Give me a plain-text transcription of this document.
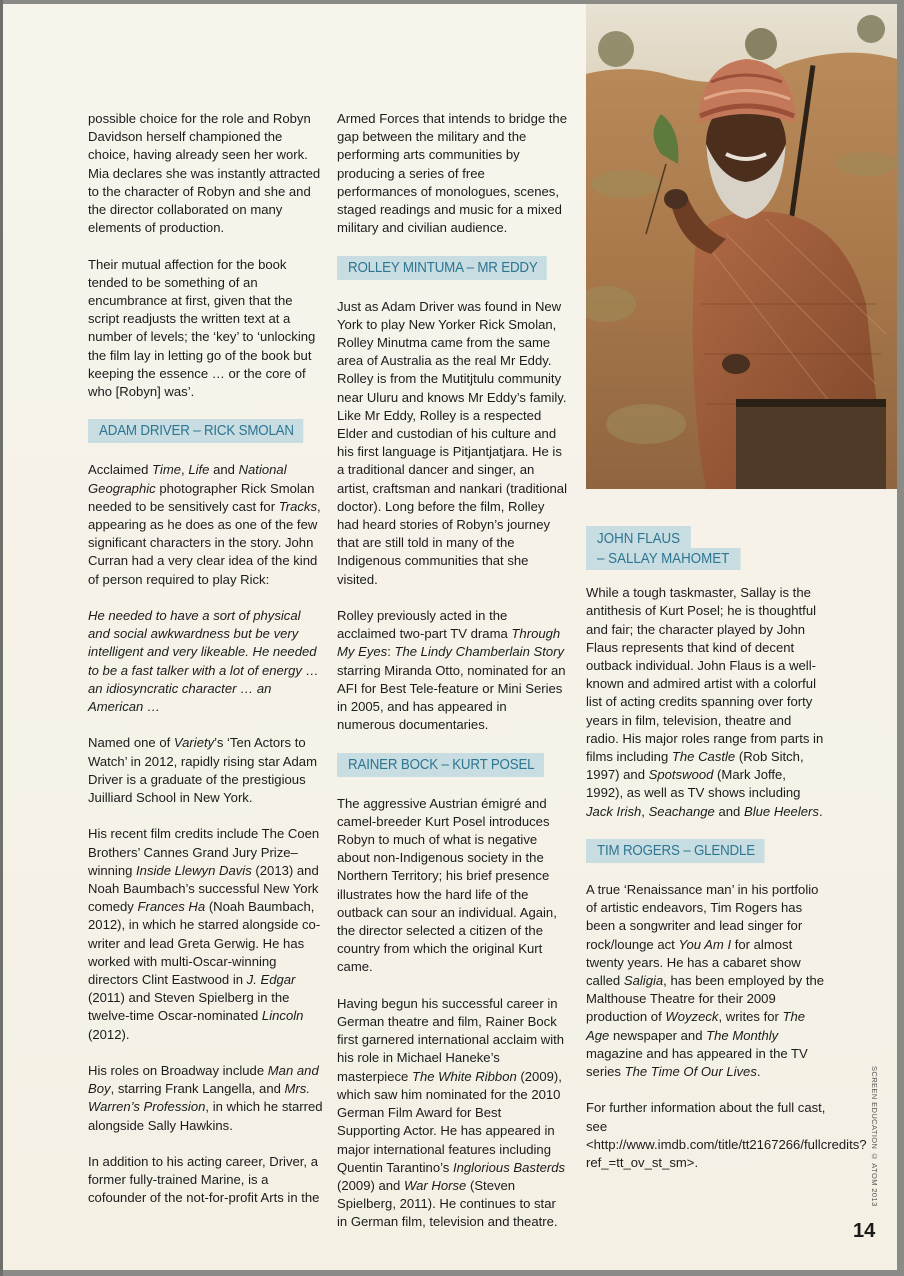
possible choice for the role and Robyn Davidson herself championed the choice, having already seen her work. Mia declares she was instantly attracted to the character of Robyn and she and the director collaborated on many elements of production.

Their mutual affection for the book tended to be something of an encumbrance at first, given that the script readjusts the written text at a number of levels; the ‘key’ to ‘unlocking the film lay in letting go of the book but keeping the essence … or the core of who [Robyn] was’.

ADAM DRIVER – RICK SMOLAN

Acclaimed Time, Life and National Geographic photographer Rick Smolan needed to be sensitively cast for Tracks, appearing as he does as one of the few significant characters in the story. John Curran had a very clear idea of the kind of person required to play Rick:

He needed to have a sort of physical and social awkwardness but be very intelligent and very likeable. He needed to be a fast talker with a lot of energy … an idiosyncratic character … an American …

Named one of Variety’s ‘Ten Actors to Watch’ in 2012, rapidly rising star Adam Driver is a graduate of the prestigious Juilliard School in New York.

His recent film credits include The Coen Brothers’ Cannes Grand Jury Prize–winning Inside Llewyn Davis (2013) and Noah Baumbach’s successful New York comedy Frances Ha (Noah Baumbach, 2012), in which he starred alongside co-writer and lead Greta Gerwig. He has worked with multi-Oscar-winning directors Clint Eastwood in J. Edgar (2011) and Steven Spielberg in the twelve-time Oscar-nominated Lincoln (2012).

His roles on Broadway include Man and Boy, starring Frank Langella, and Mrs. Warren’s Profession, in which he starred alongside Sally Hawkins.

In addition to his acting career, Driver, a former fully-trained Marine, is a cofounder of the not-for-profit Arts in the

Armed Forces that intends to bridge the gap between the military and the performing arts communities by producing a series of free performances of monologues, scenes, staged readings and music for a mixed military and civilian audience.

ROLLEY MINTUMA – MR EDDY

Just as Adam Driver was found in New York to play New Yorker Rick Smolan, Rolley Minutma came from the same area of Australia as the real Mr Eddy. Rolley is from the Mutitjtulu community near Uluru and knows Mr Eddy’s family. Like Mr Eddy, Rolley is a respected Elder and custodian of his culture and his first language is Pitjantjatjara. He is a traditional dancer and singer, an artist, craftsman and nankari (traditional doctor). Long before the film, Rolley had heard stories of Robyn’s journey that are still told in many of the Indigenous communities that she visited.

Rolley previously acted in the acclaimed two-part TV drama Through My Eyes: The Lindy Chamberlain Story starring Miranda Otto, nominated for an AFI for Best Tele-feature or Mini Series in 2005, and has appeared in numerous documentaries.

RAINER BOCK – KURT POSEL

The aggressive Austrian émigré and camel-breeder Kurt Posel introduces Robyn to much of what is negative about non-Indigenous society in the Northern Territory; his brief presence illustrates how the hard life of the outback can sour an individual. Again, the director selected a citizen of the country from which the original Kurt came.

Having begun his successful career in German theatre and film, Rainer Bock first garnered international acclaim with his role in Michael Haneke’s masterpiece The White Ribbon (2009), which saw him nominated for the 2010 German Film Award for Best Supporting Actor. He has appeared in major international features including Quentin Tarantino’s Inglorious Basterds (2009) and War Horse (Steven Spielberg, 2011). He continues to star in German film, television and theatre.

JOHN FLAUS
– SALLAY MAHOMET

While a tough taskmaster, Sallay is the antithesis of Kurt Posel; he is thoughtful and fair; the character played by John Flaus represents that kind of decent outback individual. John Flaus is a well-known and admired artist with a colorful list of acting credits spanning over forty years in film, television, theatre and radio. His major roles range from parts in films including The Castle (Rob Sitch, 1997) and Spotswood (Mark Joffe, 1992), as well as TV shows including Jack Irish, Seachange and Blue Heelers.

TIM ROGERS – GLENDLE

A true ‘Renaissance man’ in his portfolio of artistic endeavors, Tim Rogers has been a songwriter and lead singer for rock/lounge act You Am I for almost twenty years. He has a cabaret show called Saligia, has been employed by the Malthouse Theatre for their 2009 production of Woyzeck, writes for The Age newspaper and The Monthly magazine and has appeared in the TV series The Time Of Our Lives.

For further information about the full cast, see <http://www.imdb.com/title/tt2167266/fullcredits?ref_=tt_ov_st_sm>.	SCREEN EDUCATION © ATOM 2013
14
